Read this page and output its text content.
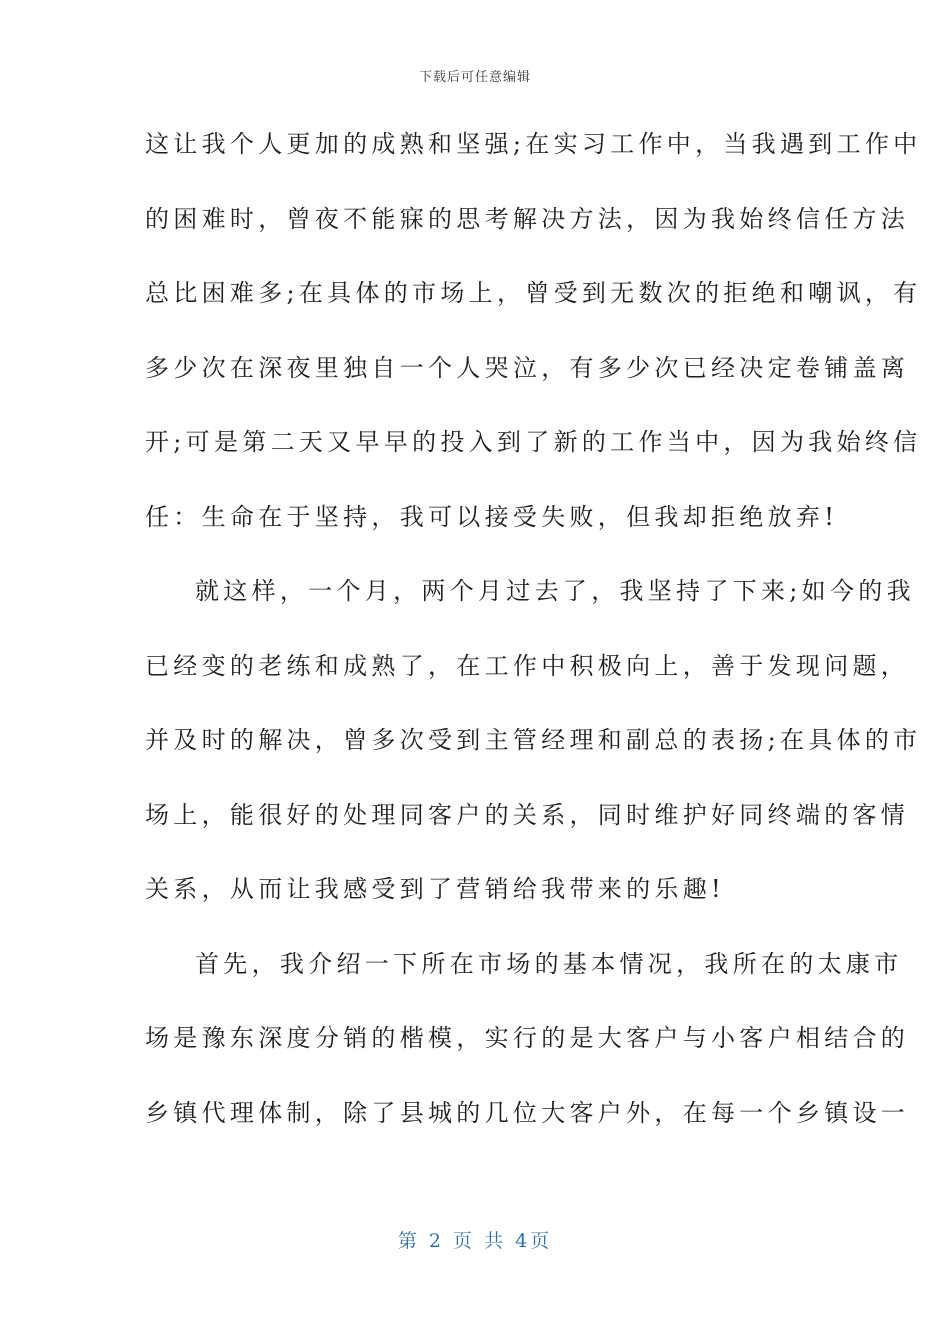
下载后可任意编辑
这让我个人更加的成熟和坚强;在实习工作中，当我遇到工作中
的困难时，曾夜不能寐的思考解决方法，因为我始终信任方法
总比困难多;在具体的市场上，曾受到无数次的拒绝和嘲讽，有
多少次在深夜里独自一个人哭泣，有多少次已经决定卷铺盖离
开;可是第二天又早早的投入到了新的工作当中，因为我始终信
任：生命在于坚持，我可以接受失败，但我却拒绝放弃!
就这样，一个月，两个月过去了，我坚持了下来;如今的我
已经变的老练和成熟了，在工作中积极向上，善于发现问题，
并及时的解决，曾多次受到主管经理和副总的表扬;在具体的市
场上，能很好的处理同客户的关系，同时维护好同终端的客情
关系，从而让我感受到了营销给我带来的乐趣!
首先，我介绍一下所在市场的基本情况，我所在的太康市
场是豫东深度分销的楷模，实行的是大客户与小客户相结合的
乡镇代理体制，除了县城的几位大客户外，在每一个乡镇设一
第 2 页 共 4页
